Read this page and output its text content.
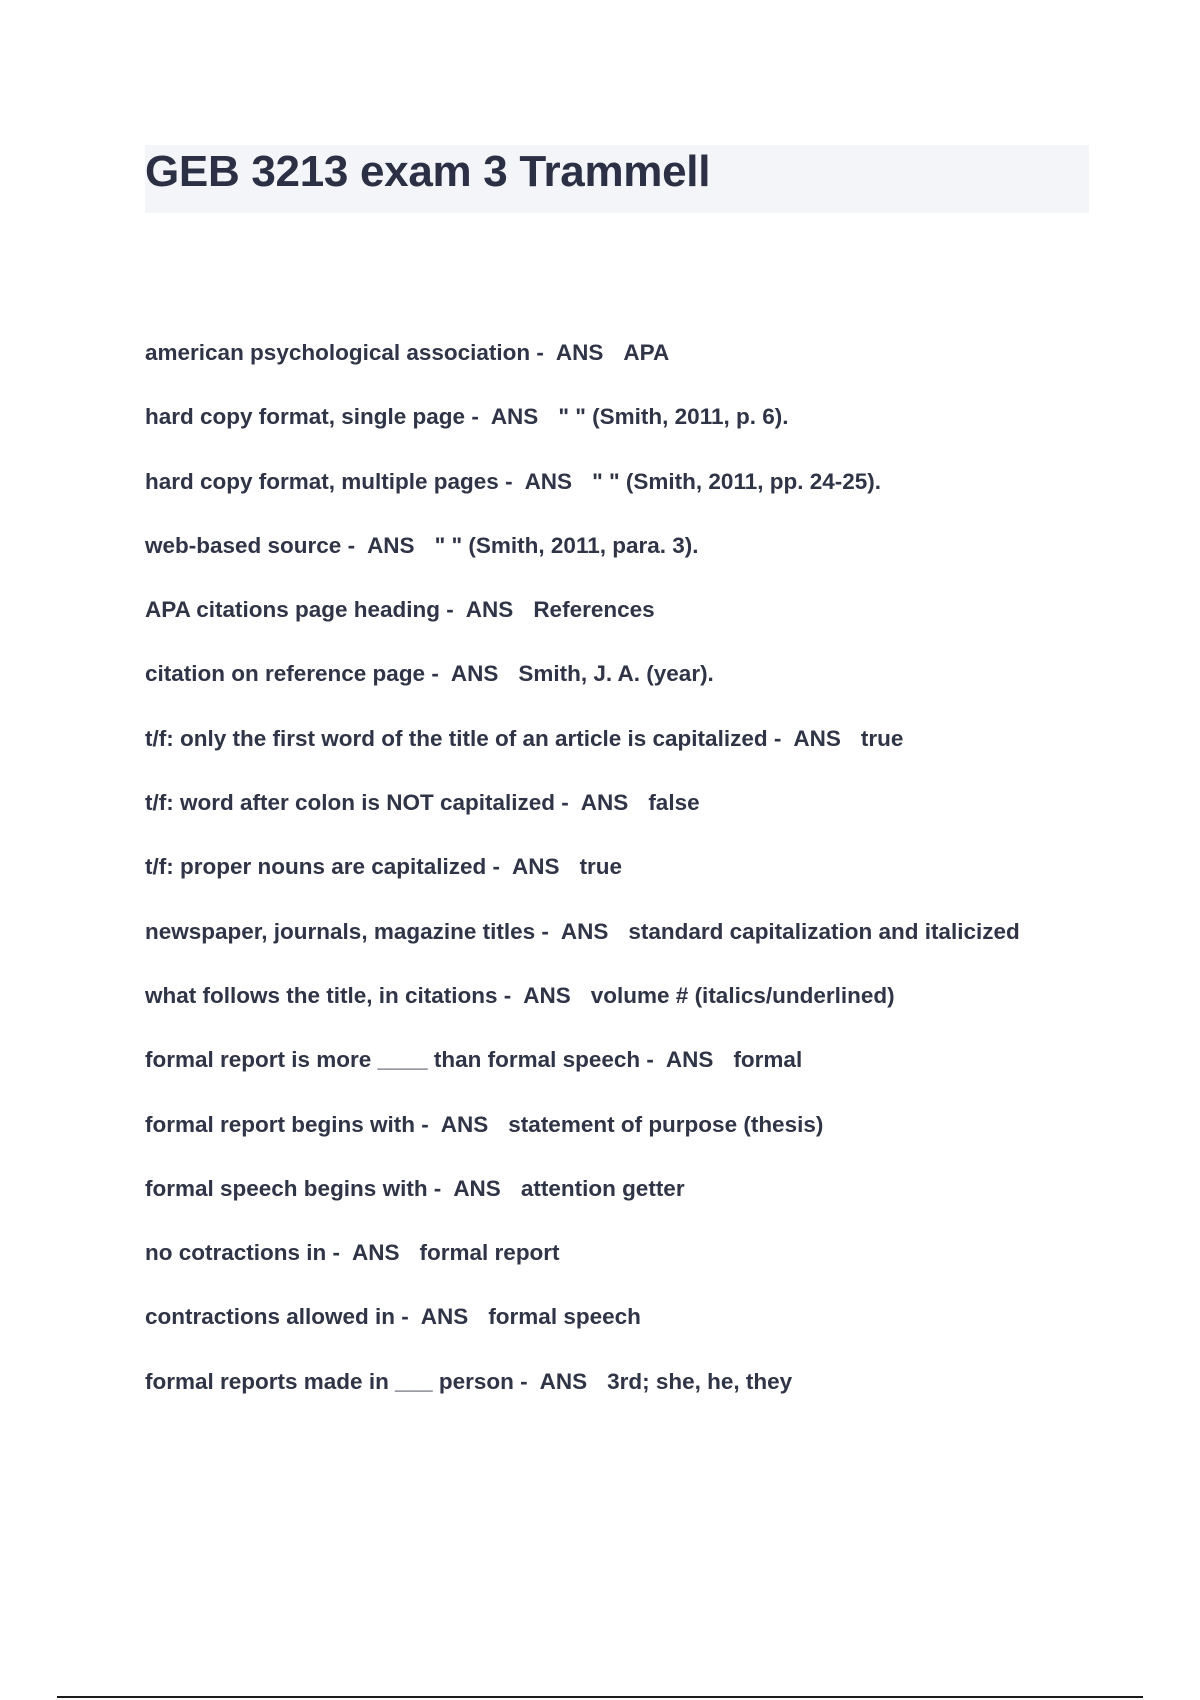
GEB 3213 exam 3 Trammell
american psychological association - ANS APA
hard copy format, single page - ANS " " (Smith, 2011, p. 6).
hard copy format, multiple pages - ANS " " (Smith, 2011, pp. 24-25).
web-based source - ANS " " (Smith, 2011, para. 3).
APA citations page heading - ANS References
citation on reference page - ANS Smith, J. A. (year).
t/f: only the first word of the title of an article is capitalized - ANS true
t/f: word after colon is NOT capitalized - ANS false
t/f: proper nouns are capitalized - ANS true
newspaper, journals, magazine titles - ANS standard capitalization and italicized
what follows the title, in citations - ANS volume # (italics/underlined)
formal report is more ____ than formal speech - ANS formal
formal report begins with - ANS statement of purpose (thesis)
formal speech begins with - ANS attention getter
no cotractions in - ANS formal report
contractions allowed in - ANS formal speech
formal reports made in ___ person - ANS 3rd; she, he, they
